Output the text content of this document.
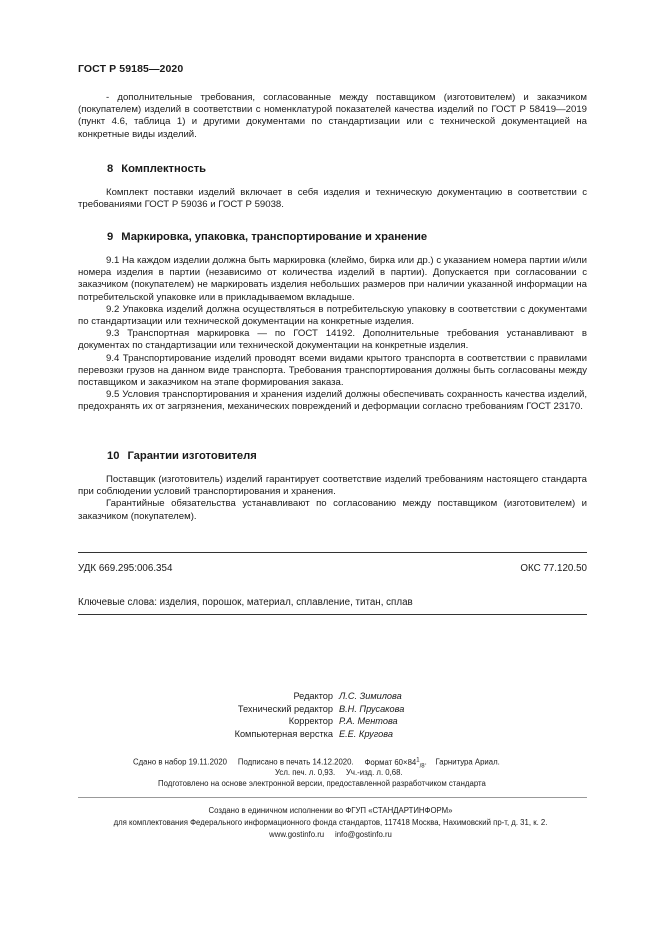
ГОСТ Р 59185—2020

- дополнительные требования, согласованные между поставщиком (изготовителем) и заказчиком (покупателем) изделий в соответствии с номенклатурой показателей качества изделий по ГОСТ Р 58419—2019 (пункт 4.6, таблица 1) и другими документами по стандартизации или с технической документацией на конкретные виды изделий.

8 Комплектность

Комплект поставки изделий включает в себя изделия и техническую документацию в соответствии с требованиями ГОСТ Р 59036 и ГОСТ Р 59038.

9 Маркировка, упаковка, транспортирование и хранение

9.1 На каждом изделии должна быть маркировка (клеймо, бирка или др.) с указанием номера партии и/или номера изделия в партии (независимо от количества изделий в партии). Допускается при согласовании с заказчиком (покупателем) не маркировать изделия небольших размеров при наличии указанной информации на потребительской упаковке или в прикладываемом вкладыше.

9.2 Упаковка изделий должна осуществляться в потребительскую упаковку в соответствии с документами по стандартизации или технической документации на конкретные изделия.

9.3 Транспортная маркировка — по ГОСТ 14192. Дополнительные требования устанавливают в документах по стандартизации или технической документации на конкретные изделия.

9.4 Транспортирование изделий проводят всеми видами крытого транспорта в соответствии с правилами перевозки грузов на данном виде транспорта. Требования транспортирования должны быть согласованы между поставщиком и заказчиком на этапе формирования заказа.

9.5 Условия транспортирования и хранения изделий должны обеспечивать сохранность качества изделий, предохранять их от загрязнения, механических повреждений и деформации согласно требованиям ГОСТ 23170.

10 Гарантии изготовителя

Поставщик (изготовитель) изделий гарантирует соответствие изделий требованиям настоящего стандарта при соблюдении условий транспортирования и хранения.

Гарантийные обязательства устанавливают по согласованию между поставщиком (изготовителем) и заказчиком (покупателем).

УДК 669.295:006.354	ОКС 77.120.50
Ключевые слова: изделия, порошок, материал, сплавление, титан, сплав
Редактор Л.С. Зимилова
Технический редактор В.Н. Прусакова
Корректор Р.А. Ментова
Компьютерная верстка Е.Е. Кругова
Сдано в набор 19.11.2020 Подписано в печать 14.12.2020. Формат $60\times 84^1_{/8}$.    Гарнитура Ариал.
Усл. печ. л. 0,93. Уч.-изд. л. 0,68.
Подготовлено на основе электронной версии, предоставленной разработчиком стандарта
Создано в единичном исполнении во ФГУП «СТАНДАРТИНФОРМ»
для комплектования Федерального информационного фонда стандартов, 117418 Москва, Нахимовский пр-т, д. 31, к. 2.
www.gostinfo.ru info@gostinfo.ru
